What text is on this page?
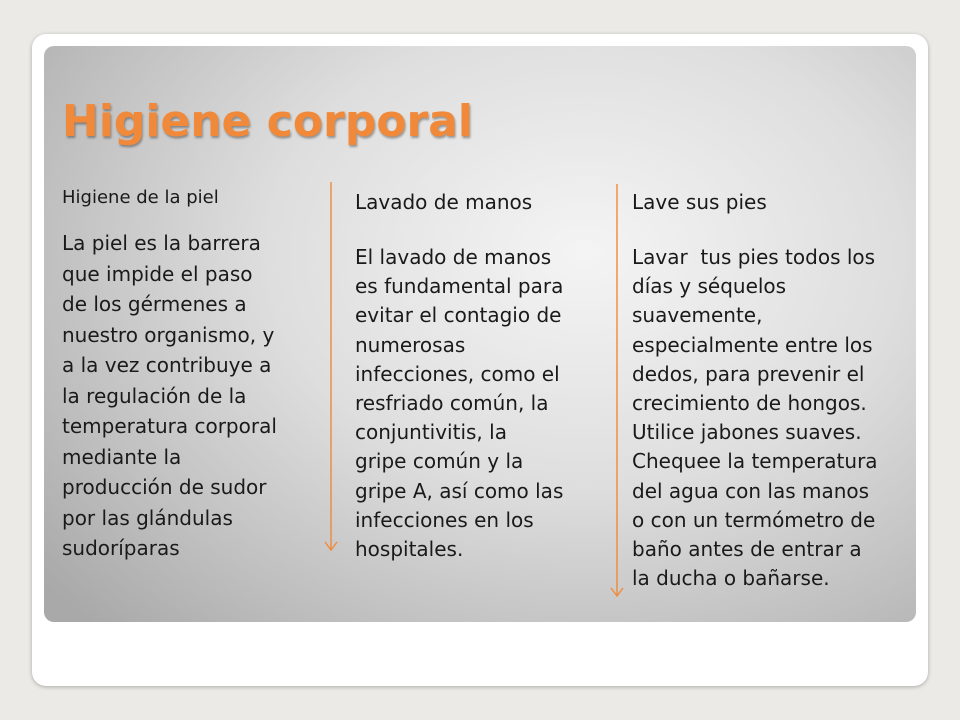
Higiene corporal

Higiene de la piel

La piel es la barrera

que impide el paso

de los gérmenes a

nuestro organismo, y

a la vez contribuye a

la regulación de la

temperatura corporal

mediante la

producción de sudor

por las glándulas

sudoríparas

Lavado de manos

El lavado de manos

es fundamental para

evitar el contagio de

numerosas

infecciones, como el

resfriado común, la

conjuntivitis, la

gripe común y la

gripe A, así como las

infecciones en los

hospitales.

Lave sus pies

Lavar  tus pies todos los

días y séquelos

suavemente,

especialmente entre los

dedos, para prevenir el

crecimiento de hongos.

Utilice jabones suaves.

Chequee la temperatura

del agua con las manos

o con un termómetro de

baño antes de entrar a

la ducha o bañarse.
